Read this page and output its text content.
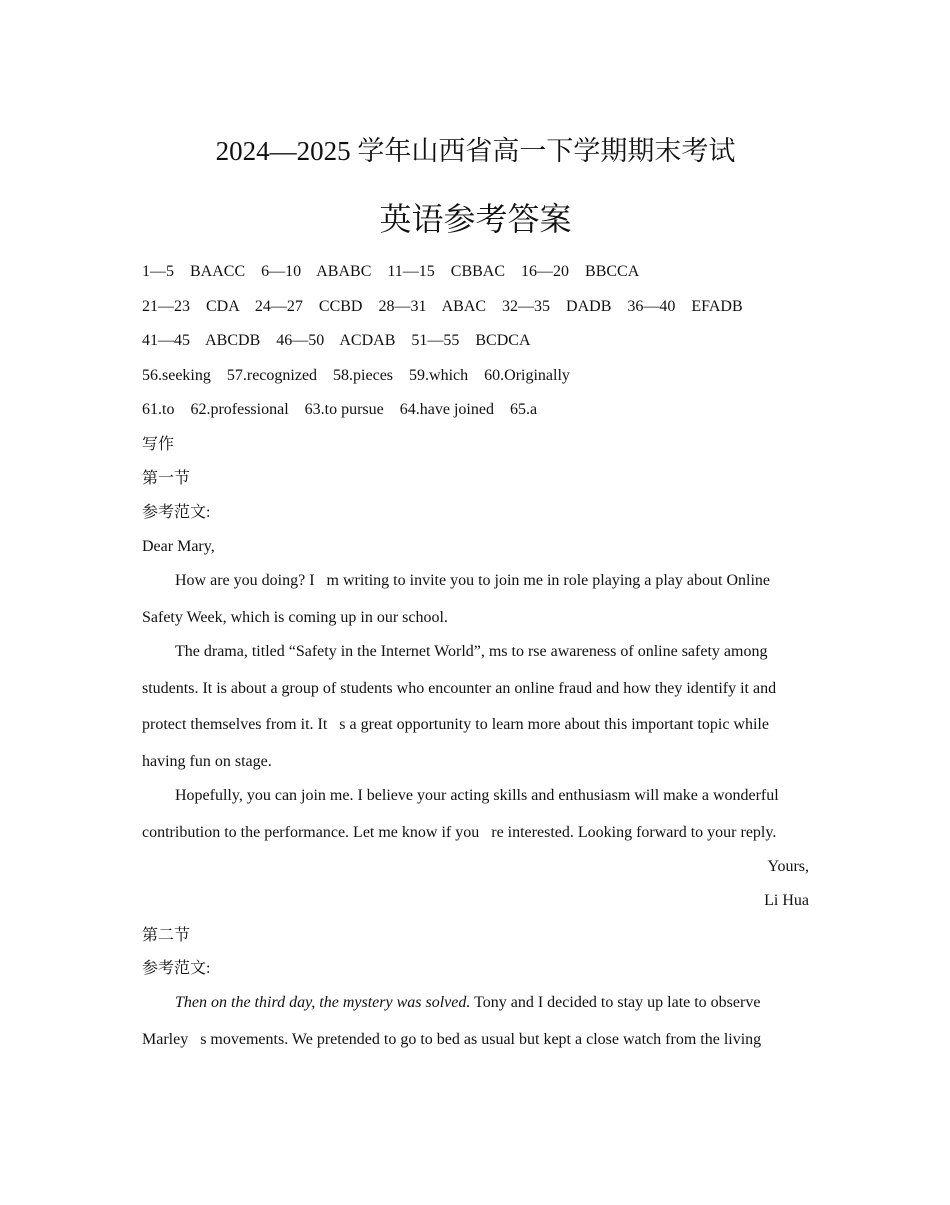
2024—2025 学年山西省高一下学期期末考试
英语参考答案
1—5    BAACC    6—10    ABABC    11—15    CBBAC    16—20    BBCCA
21—23    CDA    24—27    CCBD    28—31    ABAC    32—35    DADB    36—40    EFADB
41—45    ABCDB    46—50    ACDAB    51—55    BCDCA
56.seeking    57.recognized    58.pieces    59.which    60.Originally
61.to    62.professional    63.to pursue    64.have joined    65.a
写作
第一节
参考范文:
Dear Mary,
How are you doing? I   m writing to invite you to join me in role playing a play about Online
Safety Week, which is coming up in our school.
The drama, titled “Safety in the Internet World”, ms to rse awareness of online safety among
students. It is about a group of students who encounter an online fraud and how they identify it and
protect themselves from it. It   s a great opportunity to learn more about this important topic while
having fun on stage.
Hopefully, you can join me. I believe your acting skills and enthusiasm will make a wonderful
contribution to the performance. Let me know if you   re interested. Looking forward to your reply.
Yours,
Li Hua
第二节
参考范文:
Then on the third day, the mystery was solved. Tony and I decided to stay up late to observe
Marley   s movements. We pretended to go to bed as usual but kept a close watch from the living
